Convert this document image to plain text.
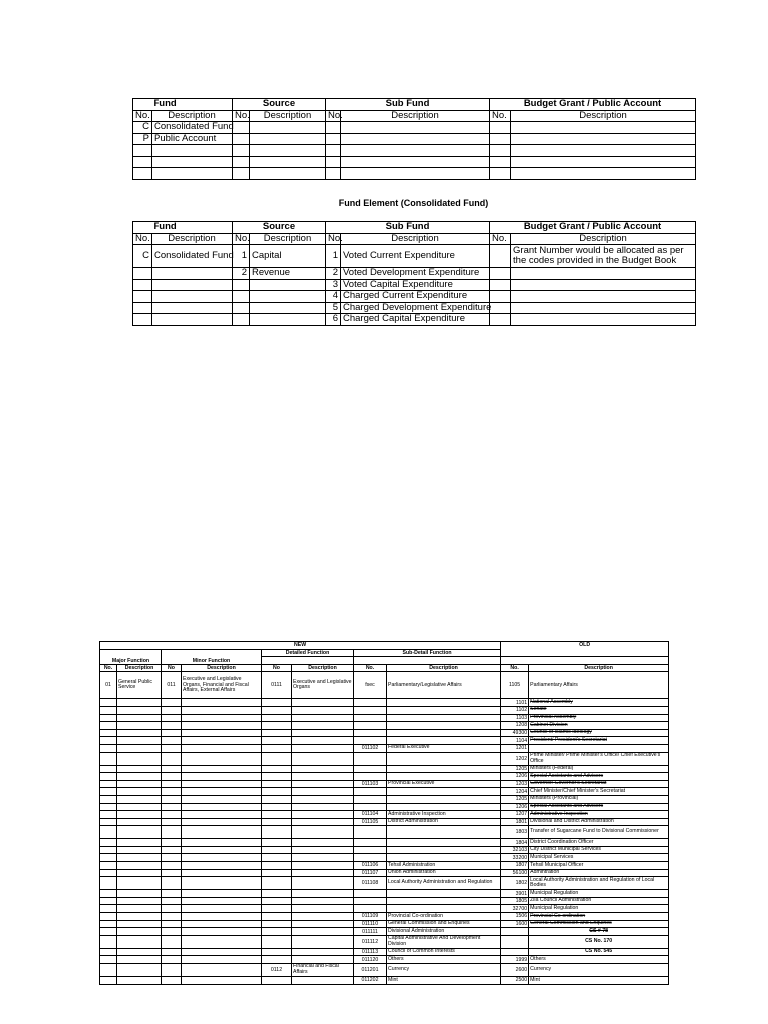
	Fund	Source		Sub Fund		Budget Grant / Public Account	
No.	Description	No.	Description	No.	Description	No.	Description
C	Consolidated Fund						
P	Public Account						

Fund Element (Consolidated Fund)
	Fund	Source		Sub Fund		Budget Grant / Public Account	
No.	Description	No.	Description	No.	Description	No.	Description
C	Consolidated Fund	1	Capital	1	Voted Current Expenditure		Grant Number would be allocated as per the codes provided in the Budget Book
		2	Revenue	2	Voted Development Expenditure		
				3	Voted Capital Expenditure		
				4	Charged Current Expenditure		
				5	Charged Development Expenditure		
				6	Charged Capital Expenditure		
NEW								OLD	
Major Function		Minor Function		Detailed Function		Sub-Detail Function			

No.	Description	No	Description	No	Description	No.	Description	No.	Description
01	General Public Service	011	Executive and Legislative Organs, Financial and Fiscal Affairs, External Affairs	0111	Executive and Legislative Organs	fsec	Parliamentary/Legislative Affairs	1105	Parliamentary Affairs
								1101	National Assembly
								1102	Senate
								1103	Provincial Assembly
								1208	Cabinet Division
								49300	Council of Islamic Ideology
								1104	President/ President's Secretariat
						011102	Federal Executive	1201	
								1202	Prime Minister/ Prime Minister's Office/ Chief Executive's Office
								1205	Ministers (Federal)
								1206	Special Assistants and Advisors
						011103	Provincial Executive	1203	Governor/ Governor's Secretariat
								1204	Chief Minister/Chief Minister's Secretariat
								1205	Ministers (Provincial)
								1206	Special Assistants and Advisors
						011104	Administrative Inspection	1207	Administrative Inspection
						011105	District Administration	1801	Divisional and District Administration
								1803	Transfer of Sugarcane Fund to Divisional Commissioner
								1804	District Coordination Officer
								32103	City District Municipal Services
								33200	Municipal Services
						011106	Tehsil Administration	1807	Tehsil Municipal Officer
						011107	Union Administration	56100	Admintration
						011108	Local Authority Administration and Regulation	1802	Local Authority Administration and Regulation of Local Bodies
								3901	Municipal Regulation
								1805	Zila Council Administration
								32700	Municipal Regulation
						011109	Provincial Co-ordination	1506	Provincial Co-ordination
						011110	General Commission and Enquiries	1600	General Commission and Enquiries
						011111	Divisional Administration		CS # 78
						011112	Capital Administrative And Development Division		CS No. 170
						011113	Council of Common Interests		CS No. 545
						011120	Others	1999	Others
				0112	Financial and Fiscal Affairs	011201	Currency	2600	Currency
						011202	Mint	2500	Mint
